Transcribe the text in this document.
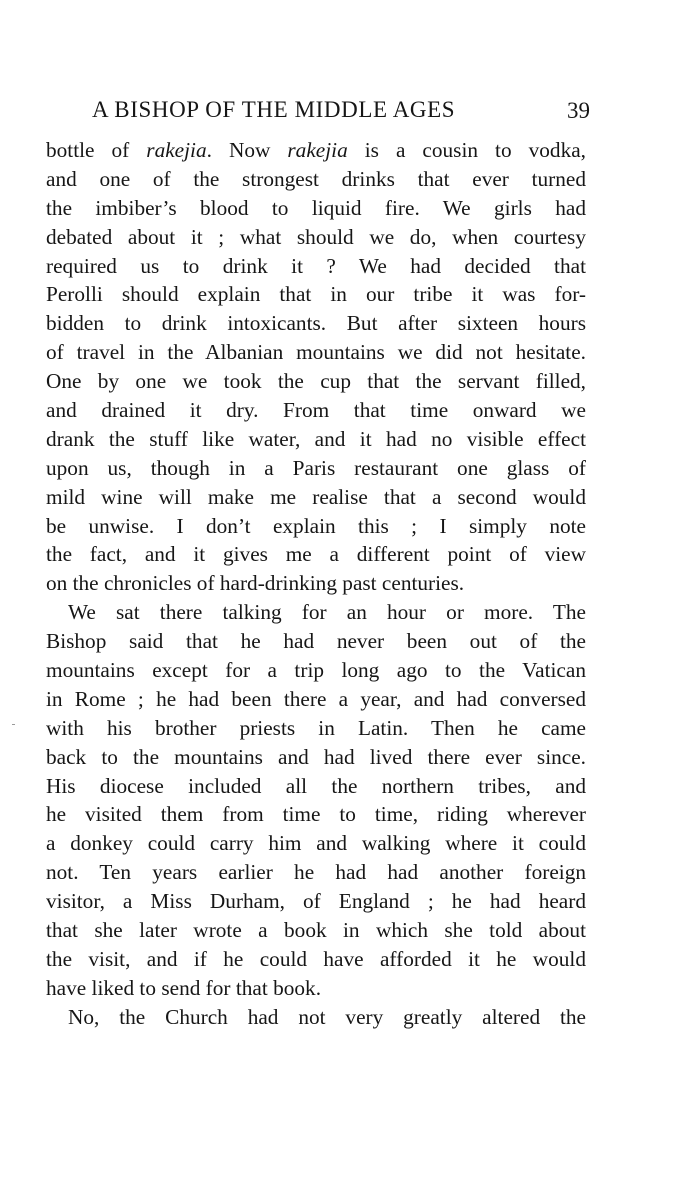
A BISHOP OF THE MIDDLE AGES	39
bottle of rakejia. Now rakejia is a cousin to vodka,
and one of the strongest drinks that ever turned
the imbiber’s blood to liquid fire. We girls had
debated about it ; what should we do, when courtesy
required us to drink it ? We had decided that
Perolli should explain that in our tribe it was for-
bidden to drink intoxicants. But after sixteen hours
of travel in the Albanian mountains we did not hesitate.
One by one we took the cup that the servant filled,
and drained it dry. From that time onward we
drank the stuff like water, and it had no visible effect
upon us, though in a Paris restaurant one glass of
mild wine will make me realise that a second would
be unwise. I don’t explain this ; I simply note
the fact, and it gives me a different point of view
on the chronicles of hard-drinking past centuries.
We sat there talking for an hour or more. The
Bishop said that he had never been out of the
mountains except for a trip long ago to the Vatican
in Rome ; he had been there a year, and had conversed
with his brother priests in Latin. Then he came
back to the mountains and had lived there ever since.
His diocese included all the northern tribes, and
he visited them from time to time, riding wherever
a donkey could carry him and walking where it could
not. Ten years earlier he had had another foreign
visitor, a Miss Durham, of England ; he had heard
that she later wrote a book in which she told about
the visit, and if he could have afforded it he would
have liked to send for that book.
No, the Church had not very greatly altered the
